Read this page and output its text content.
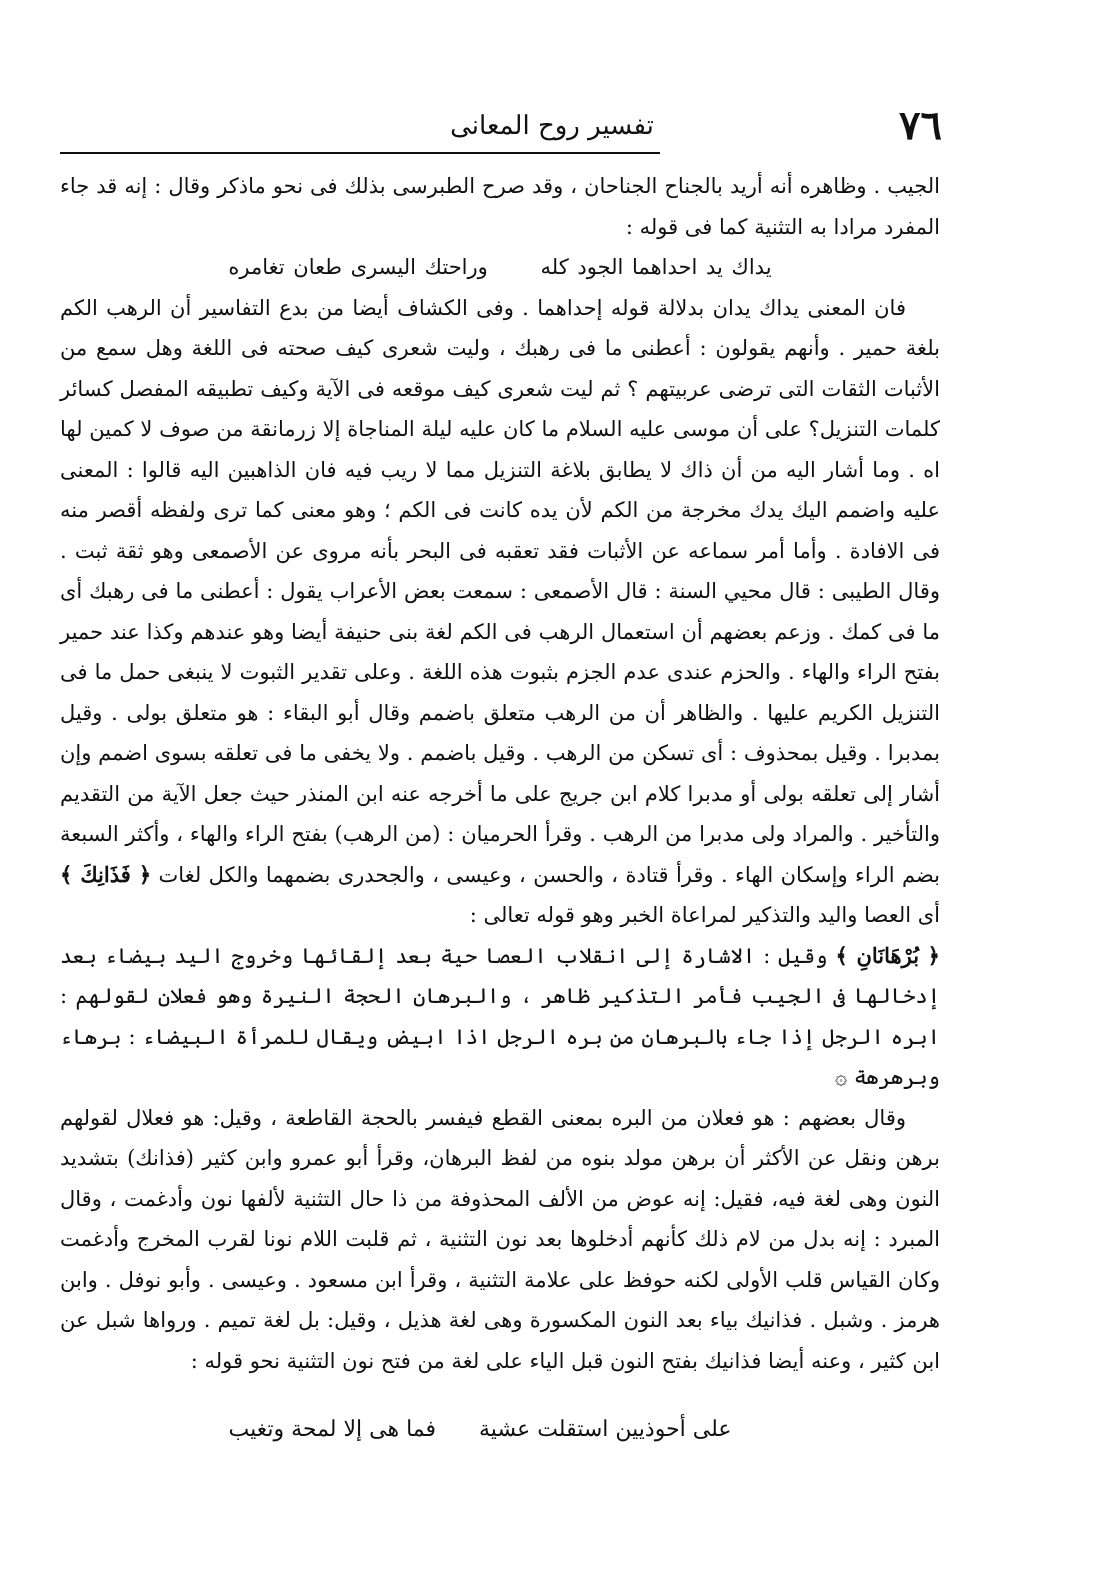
٧٦
تفسير روح المعانى

الجيب . وظاهره أنه أريد بالجناح الجناحان ، وقد صرح الطبرسى بذلك فى نحو ماذكر وقال : إنه قد جاء المفرد مرادا به التثنية كما فى قوله :

يداك يد احداهما الجود كله وراحتك اليسرى طعان تغامره

فان المعنى يداك يدان بدلالة قوله إحداهما . وفى الكشاف أيضا من بدع التفاسير أن الرهب الكم بلغة حمير . وأنهم يقولون : أعطنى ما فى رهبك ، وليت شعرى كيف صحته فى اللغة وهل سمع من الأثبات الثقات التى ترضى عربيتهم ؟ ثم ليت شعرى كيف موقعه فى الآية وكيف تطبيقه المفصل كسائر كلمات التنزيل؟ على أن موسى عليه السلام ما كان عليه ليلة المناجاة إلا زرمانقة من صوف لا كمين لها اه . وما أشار اليه من أن ذاك لا يطابق بلاغة التنزيل مما لا ريب فيه فان الذاهبين اليه قالوا : المعنى عليه واضمم اليك يدك مخرجة من الكم لأن يده كانت فى الكم ؛ وهو معنى كما ترى ولفظه أقصر منه فى الافادة . وأما أمر سماعه عن الأثبات فقد تعقبه فى البحر بأنه مروى عن الأصمعى وهو ثقة ثبت . وقال الطيبى : قال محيي السنة : قال الأصمعى : سمعت بعض الأعراب يقول : أعطنى ما فى رهبك أى ما فى كمك . وزعم بعضهم أن استعمال الرهب فى الكم لغة بنى حنيفة أيضا وهو عندهم وكذا عند حمير بفتح الراء والهاء . والحزم عندى عدم الجزم بثبوت هذه اللغة . وعلى تقدير الثبوت لا ينبغى حمل ما فى التنزيل الكريم عليها . والظاهر أن من الرهب متعلق باضمم وقال أبو البقاء : هو متعلق بولى . وقيل بمدبرا . وقيل بمحذوف : أى تسكن من الرهب . وقيل باضمم . ولا يخفى ما فى تعلقه بسوى اضمم وإن أشار إلى تعلقه بولى أو مدبرا كلام ابن جريج على ما أخرجه عنه ابن المنذر حيث جعل الآية من التقديم والتأخير . والمراد ولى مدبرا من الرهب . وقرأ الحرميان : (من الرهب) بفتح الراء والهاء ، وأكثر السبعة بضم الراء وإسكان الهاء . وقرأ قتادة ، والحسن ، وعيسى ، والجحدرى بضمهما والكل لغات ﴿ فَذَانِكَ ﴾ أى العصا واليد والتذكير لمراعاة الخبر وهو قوله تعالى :

﴿ بُرْهَانَانِ ﴾ وقيل : الاشارة إلى انقلاب العصا حية بعد إلقائها وخروج اليد بيضاء بعد إدخالها فى الجيب فأمر التذكير ظاهر ، والبرهان الحجة النيرة وهو فعلان لقولهم : ابره الرجل إذا جاء بالبرهان من بره الرجل اذا ابيض ويقال للمرأة البيضاء : برهاء وبرهرهة ۞

وقال بعضهم : هو فعلان من البره بمعنى القطع فيفسر بالحجة القاطعة ، وقيل: هو فعلال لقولهم برهن ونقل عن الأكثر أن برهن مولد بنوه من لفظ البرهان، وقرأ أبو عمرو وابن كثير (فذانك) بتشديد النون وهى لغة فيه، فقيل: إنه عوض من الألف المحذوفة من ذا حال التثنية لألفها نون وأدغمت ، وقال المبرد : إنه بدل من لام ذلك كأنهم أدخلوها بعد نون التثنية ، ثم قلبت اللام نونا لقرب المخرج وأدغمت وكان القياس قلب الأولى لكنه حوفظ على علامة التثنية ، وقرأ ابن مسعود . وعيسى . وأبو نوفل . وابن هرمز . وشبل . فذانيك بياء بعد النون المكسورة وهى لغة هذيل ، وقيل: بل لغة تميم . ورواها شبل عن ابن كثير ، وعنه أيضا فذانيك بفتح النون قبل الياء على لغة من فتح نون التثنية نحو قوله :

على أحوذيين استقلت عشية فما هى إلا لمحة وتغيب
